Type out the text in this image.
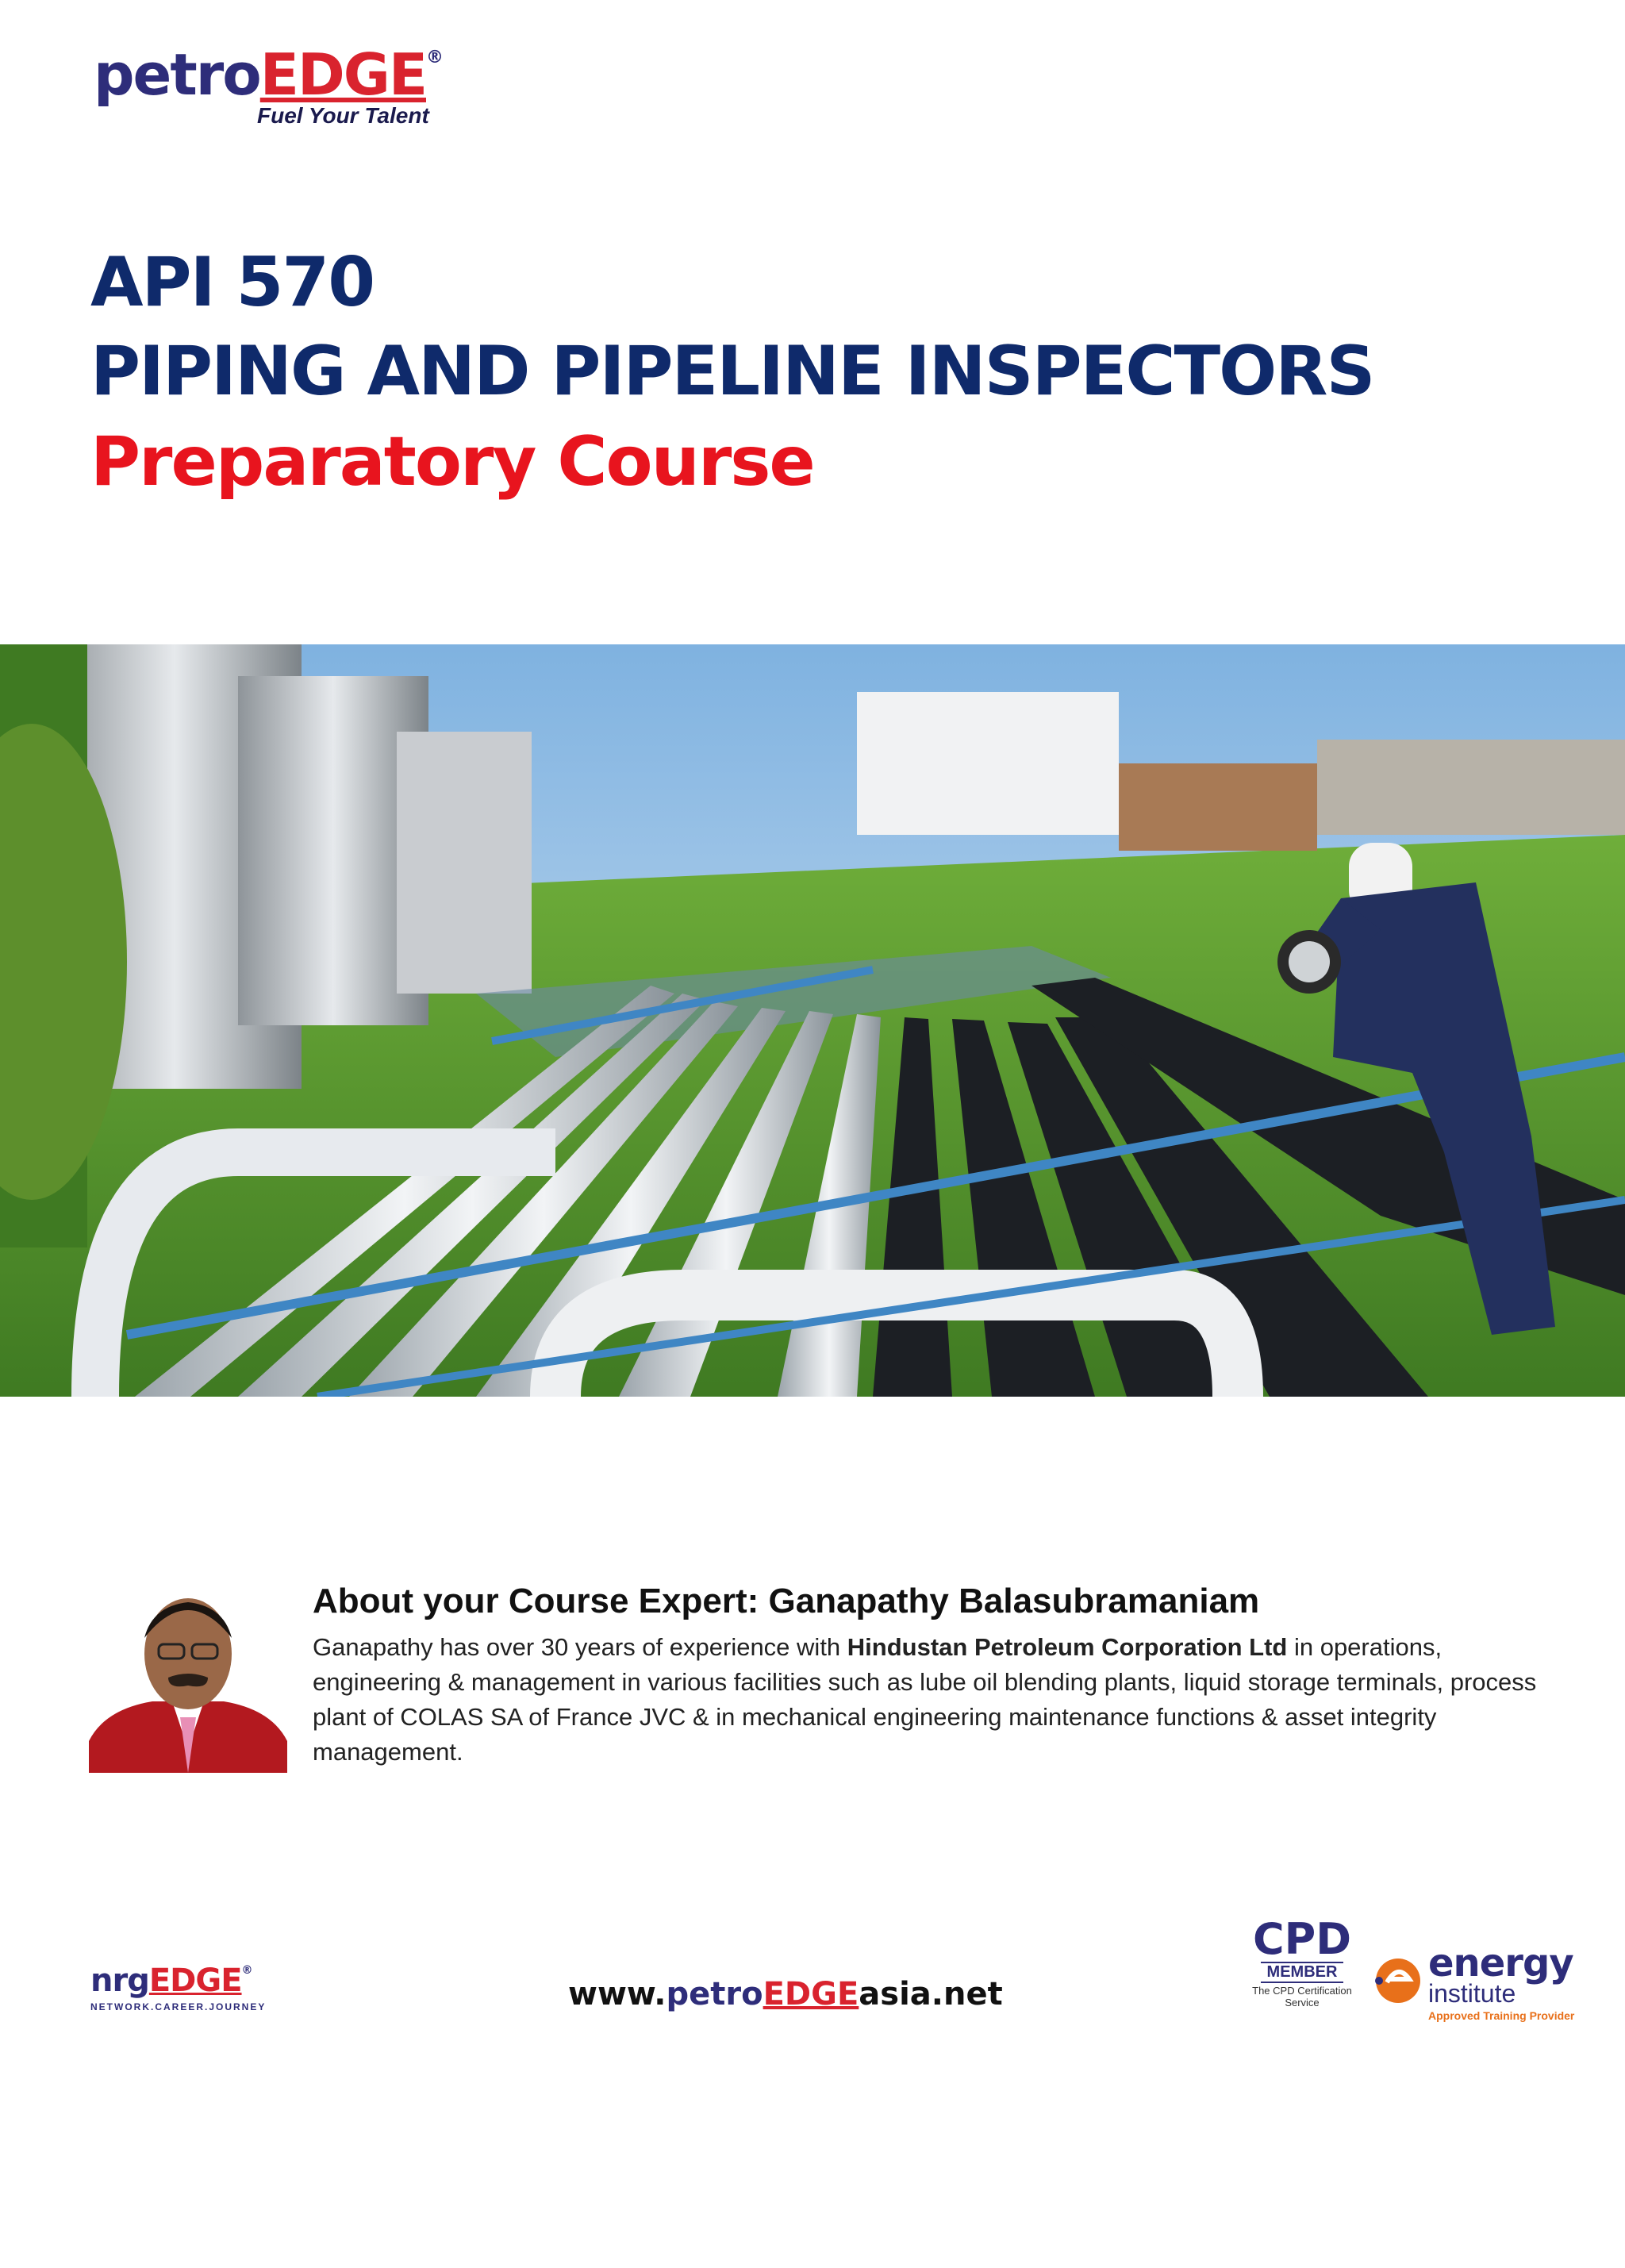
petroEDGE®
Fuel Your Talent
API 570
PIPING AND PIPELINE INSPECTORS
Preparatory Course
About your Course Expert: Ganapathy Balasubramaniam

Ganapathy has over 30 years of experience with Hindustan Petroleum Corporation Ltd in operations, engineering & management in various facilities such as lube oil blending plants, liquid storage terminals, process plant of COLAS SA of France JVC & in mechanical engineering maintenance functions & asset integrity management.

nrgEDGE®
NETWORK.CAREER.JOURNEY	www.petroEDGEasia.net
CPD
MEMBER
The CPD Certification Service
energy
institute
Approved Training Provider
